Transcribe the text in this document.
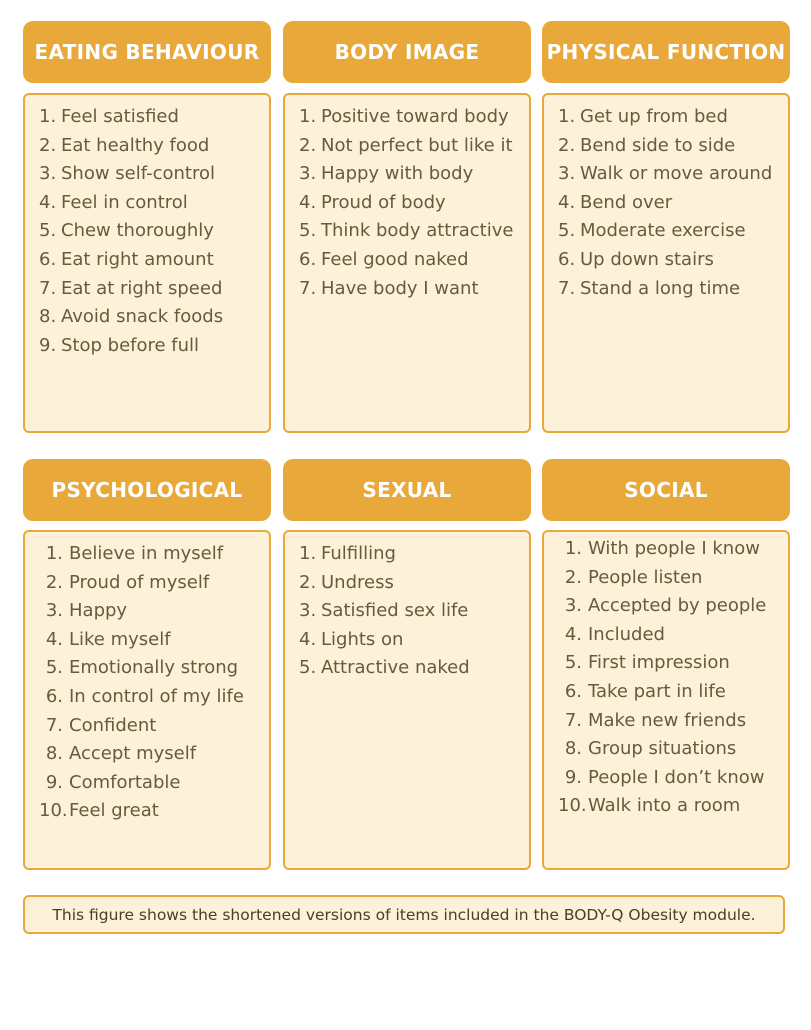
EATING BEHAVIOUR
1. Feel satisfied
2. Eat healthy food
3. Show self-control
4. Feel in control
5. Chew thoroughly
6. Eat right amount
7. Eat at right speed
8. Avoid snack foods
9. Stop before full
BODY IMAGE
1. Positive toward body
2. Not perfect but like it
3. Happy with body
4. Proud of body
5. Think body attractive
6. Feel good naked
7. Have body I want
PHYSICAL FUNCTION
1. Get up from bed
2. Bend side to side
3. Walk or move around
4. Bend over
5. Moderate exercise
6. Up down stairs
7. Stand a long time
PSYCHOLOGICAL
1. Believe in myself
2. Proud of myself
3. Happy
4. Like myself
5. Emotionally strong
6. In control of my life
7. Confident
8. Accept myself
9. Comfortable
10. Feel great
SEXUAL
1. Fulfilling
2. Undress
3. Satisfied sex life
4. Lights on
5. Attractive naked
SOCIAL
1. With people I know
2. People listen
3. Accepted by people
4. Included
5. First impression
6. Take part in life
7. Make new friends
8. Group situations
9. People I don’t know
10. Walk into a room
This figure shows the shortened versions of items included in the BODY-Q Obesity module.
